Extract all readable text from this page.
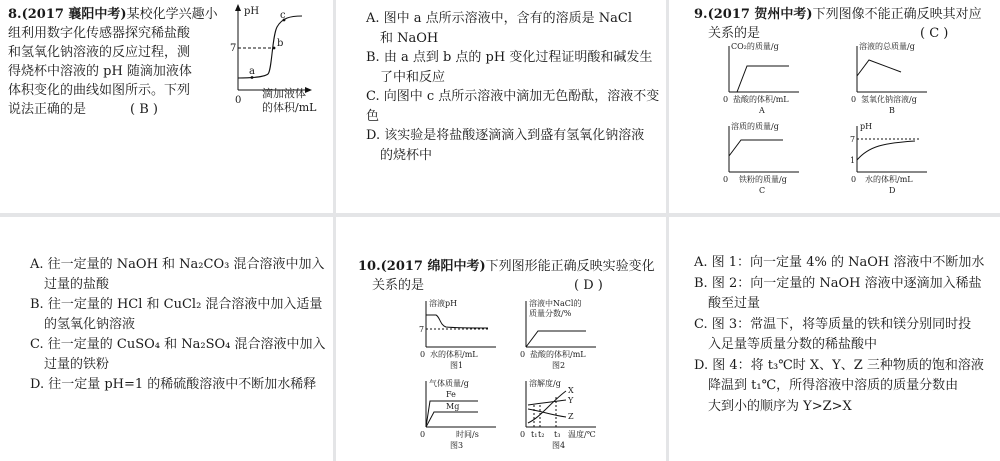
8.(2017 襄阳中考)某校化学兴趣小
组利用数字化传感器探究稀盐酸
和氢氧化钠溶液的反应过程，测
得烧杯中溶液的 pH 随滴加液体
体积变化的曲线如图所示。下列
说法正确的是	( B )
pH
7
a
b
c
0
滴加液体
的体积/mL
A. 图中 a 点所示溶液中，含有的溶质是 NaCl
和 NaOH
B. 由 a 点到 b 点的 pH 变化过程证明酸和碱发生
了中和反应
C. 向图中 c 点所示溶液中滴加无色酚酞，溶液不变色
D. 该实验是将盐酸逐滴滴入到盛有氢氧化钠溶液
的烧杯中
9.(2017 贺州中考)下列图像不能正确反映其对应
关系的是	( C )
CO₂的质量/g
0 盐酸的体积/mL
A
溶液的总质量/g
0 氢氧化钠溶液/g
B
溶质的质量/g
0 铁粉的质量/g
C
pH
7
1
0 水的体积/mL
D
A. 往一定量的 NaOH 和 Na₂CO₃ 混合溶液中加入
过量的盐酸
B. 往一定量的 HCl 和 CuCl₂ 混合溶液中加入适量
的氢氧化钠溶液
C. 往一定量的 CuSO₄ 和 Na₂SO₄ 混合溶液中加入
过量的铁粉
D. 往一定量 pH=1 的稀硫酸溶液中不断加水稀释
10.(2017 绵阳中考)下列图形能正确反映实验变化
关系的是	( D )
溶液pH
7
0 水的体积/mL
图1
溶液中NaCl的
质量分数/%
0 盐酸的体积/mL
图2
气体质量/g
Fe
Mg
0	时间/s
图3
溶解度/g
X
Y
Z
0 t₁ t₂ t₃ 温度/℃
图4
A. 图 1：向一定量 4% 的 NaOH 溶液中不断加水
B. 图 2：向一定量的 NaOH 溶液中逐滴加入稀盐
酸至过量
C. 图 3：常温下，将等质量的铁和镁分别同时投
入足量等质量分数的稀盐酸中
D. 图 4：将 t₃℃时 X、Y、Z 三种物质的饱和溶液
降温到 t₁℃，所得溶液中溶质的质量分数由
大到小的顺序为 Y>Z>X
